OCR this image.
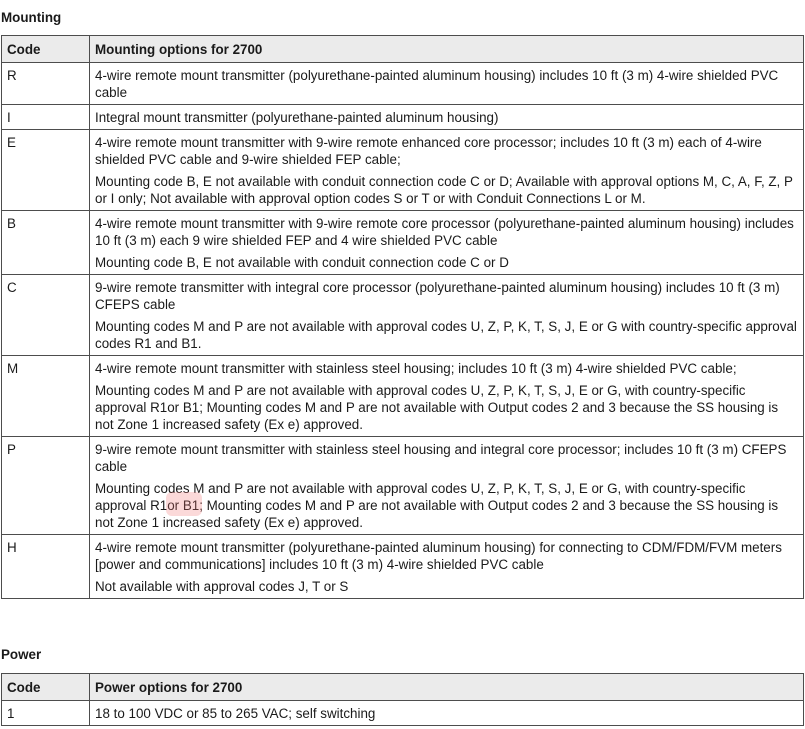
Mounting
Code	Mounting options for 2700
R	4-wire remote mount transmitter (polyurethane-painted aluminum housing) includes 10 ft (3 m) 4-wire shielded PVC cable

I	Integral mount transmitter (polyurethane-painted aluminum housing)

E	4-wire remote mount transmitter with 9-wire remote enhanced core processor; includes 10 ft (3 m) each of 4-wire shielded PVC cable and 9-wire shielded FEP cable;

Mounting code B, E not available with conduit connection code C or D; Available with approval options M, C, A, F, Z, P or I only; Not available with approval option codes S or T or with Conduit Connections L or M.

B	4-wire remote mount transmitter with 9-wire remote core processor (polyurethane-painted aluminum housing) includes 10 ft (3 m) each 9 wire shielded FEP and 4 wire shielded PVC cable

Mounting code B, E not available with conduit connection code C or D

C	9-wire remote transmitter with integral core processor (polyurethane-painted aluminum housing) includes 10 ft (3 m) CFEPS cable

Mounting codes M and P are not available with approval codes U, Z, P, K, T, S, J, E or G with country-specific approval codes R1 and B1.

M	4-wire remote mount transmitter with stainless steel housing; includes 10 ft (3 m) 4-wire shielded PVC cable;

Mounting codes M and P are not available with approval codes U, Z, P, K, T, S, J, E or G, with country-specific approval R1or B1; Mounting codes M and P are not available with Output codes 2 and 3 because the SS housing is not Zone 1 increased safety (Ex e) approved.

P	9-wire remote mount transmitter with stainless steel housing and integral core processor; includes 10 ft (3 m) CFEPS cable

Mounting codes M and P are not available with approval codes U, Z, P, K, T, S, J, E or G, with country-specific approval R1or B1; Mounting codes M and P are not available with Output codes 2 and 3 because the SS housing is not Zone 1 increased safety (Ex e) approved.

H	4-wire remote mount transmitter (polyurethane-painted aluminum housing) for connecting to CDM/FDM/FVM meters [power and communications] includes 10 ft (3 m) 4-wire shielded PVC cable

Not available with approval codes J, T or S

Power
Code	Power options for 2700
1	18 to 100 VDC or 85 to 265 VAC; self switching
